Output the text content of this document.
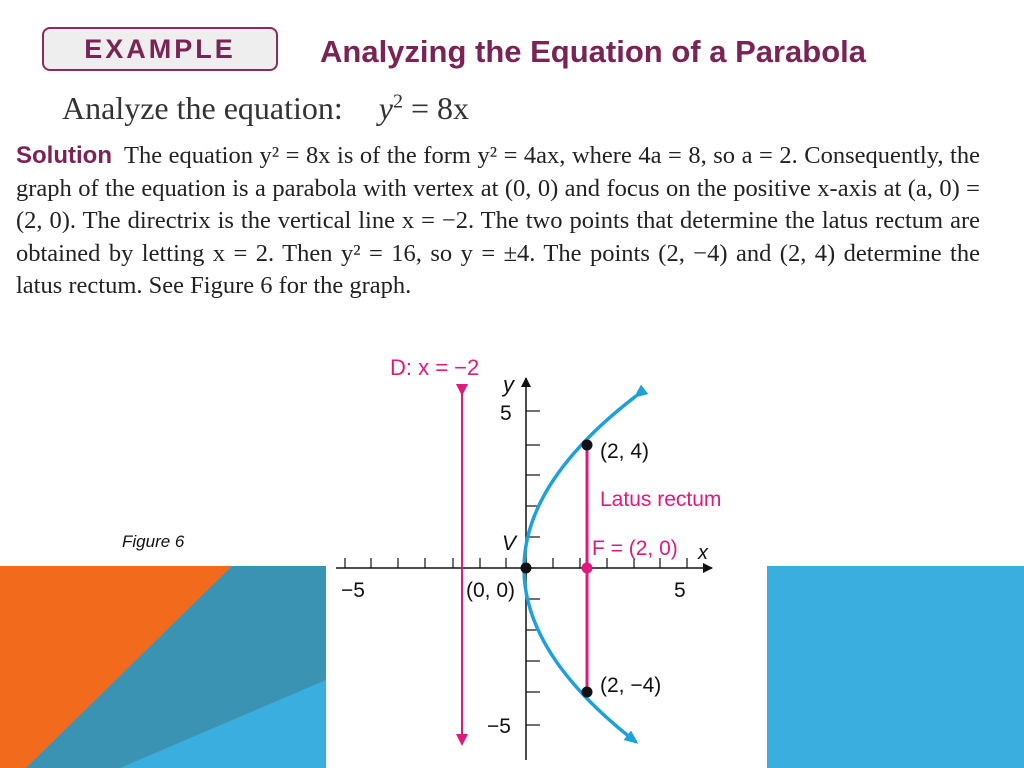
EXAMPLE	Analyzing the Equation of a Parabola
Analyze the equation: $y^2 = 8x$
Solution The equation y² = 8x is of the form y² = 4ax, where 4a = 8, so a = 2. Consequently, the graph of the equation is a parabola with vertex at (0, 0) and focus on the positive x-axis at (a, 0) = (2, 0). The directrix is the vertical line x = −2. The two points that determine the latus rectum are obtained by letting x = 2. Then y² = 16, so y = ±4. The points (2, −4) and (2, 4) determine the latus rectum. See Figure 6 for the graph.
Figure 6
D: x = −2
y
x
5
−5
−5	5
V
(0, 0)
F = (2, 0)
(2, 4)
(2, −4)
Latus rectum
